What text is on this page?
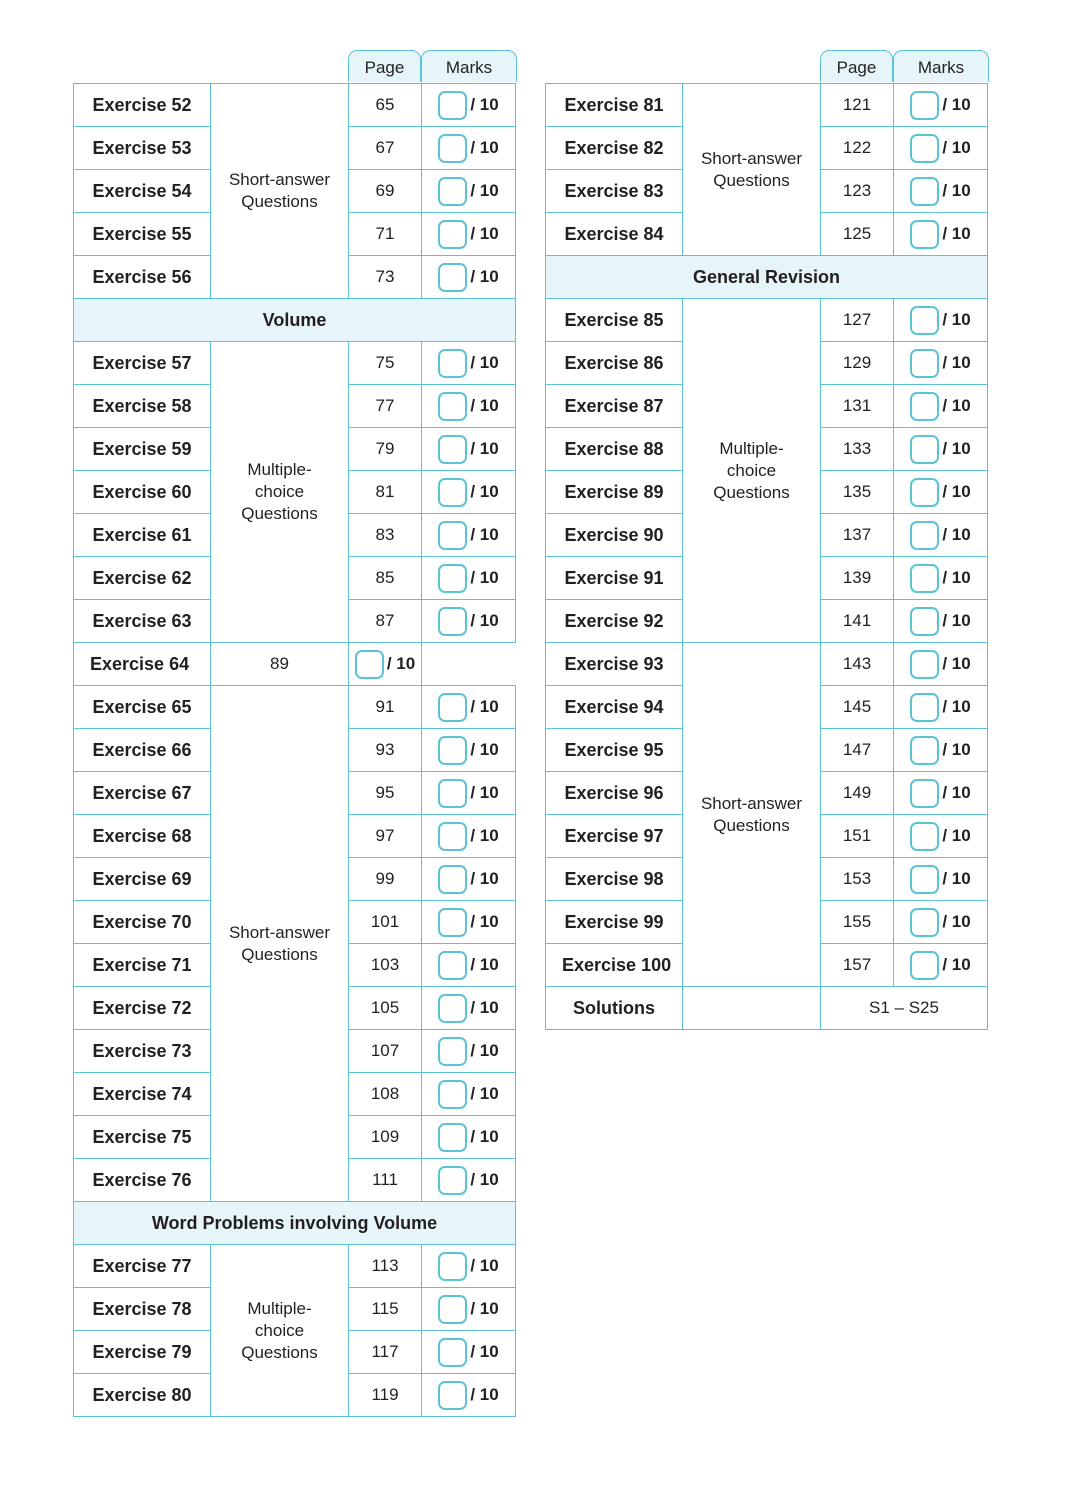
Page	Marks
Exercise 52	Short-answer Questions	65	/ 10
Exercise 53		67	/ 10
Exercise 54		69	/ 10
Exercise 55		71	/ 10
Exercise 56		73	/ 10
Volume			
Exercise 57	Multiple-choice Questions	75	/ 10
Exercise 58		77	/ 10
Exercise 59		79	/ 10
Exercise 60		81	/ 10
Exercise 61		83	/ 10
Exercise 62		85	/ 10
Exercise 63		87	/ 10
Exercise 64	89	/ 10	
Exercise 65	Short-answer Questions	91	/ 10
Exercise 66		93	/ 10
Exercise 67		95	/ 10
Exercise 68		97	/ 10
Exercise 69		99	/ 10
Exercise 70		101	/ 10
Exercise 71		103	/ 10
Exercise 72		105	/ 10
Exercise 73		107	/ 10
Exercise 74		108	/ 10
Exercise 75		109	/ 10
Exercise 76		111	/ 10
Word Problems involving Volume			
Exercise 77	Multiple-choice Questions	113	/ 10
Exercise 78		115	/ 10
Exercise 79		117	/ 10
Exercise 80		119	/ 10
Page	Marks
Exercise 81	Short-answer Questions	121	/ 10
Exercise 82		122	/ 10
Exercise 83		123	/ 10
Exercise 84		125	/ 10
General Revision			
Exercise 85	Multiple-choice Questions	127	/ 10
Exercise 86		129	/ 10
Exercise 87		131	/ 10
Exercise 88		133	/ 10
Exercise 89		135	/ 10
Exercise 90		137	/ 10
Exercise 91		139	/ 10
Exercise 92		141	/ 10
Exercise 93	Short-answer Questions	143	/ 10
Exercise 94		145	/ 10
Exercise 95		147	/ 10
Exercise 96		149	/ 10
Exercise 97		151	/ 10
Exercise 98		153	/ 10
Exercise 99		155	/ 10
Exercise 100		157	/ 10
Solutions		S1 – S25	
